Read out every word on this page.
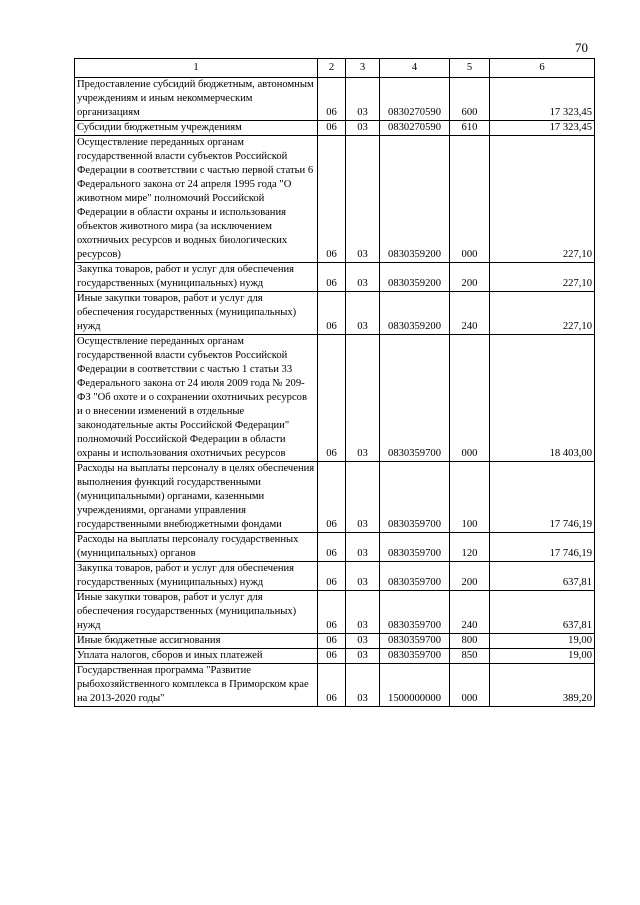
70
1	2	3	4	5	6
Предоставление субсидий бюджетным, автономным учреждениям и иным некоммерческим организациям	06	03	0830270590	600	17 323,45
Субсидии бюджетным учреждениям	06	03	0830270590	610	17 323,45
Осуществление переданных органам государственной власти субъектов Российской Федерации в соответствии с частью первой статьи 6 Федерального закона от 24 апреля 1995 года "О животном мире" полномочий Российской Федерации в области охраны и использования объектов животного мира (за исключением охотничьих ресурсов и водных биологических ресурсов)	06	03	0830359200	000	227,10
Закупка товаров, работ и услуг для обеспечения государственных (муниципальных) нужд	06	03	0830359200	200	227,10
Иные закупки товаров, работ и услуг для обеспечения государственных (муниципальных) нужд	06	03	0830359200	240	227,10
Осуществление переданных органам государственной власти субъектов Российской Федерации в соответствии с частью 1 статьи 33 Федерального закона от 24 июля 2009 года № 209-ФЗ "Об охоте и о сохранении охотничьих ресурсов и о внесении изменений в отдельные законодательные акты Российской Федерации" полномочий Российской Федерации в области охраны и использования охотничьих ресурсов	06	03	0830359700	000	18 403,00
Расходы на выплаты персоналу в целях обеспечения выполнения функций государственными (муниципальными) органами, казенными учреждениями, органами управления государственными внебюджетными фондами	06	03	0830359700	100	17 746,19
Расходы на выплаты персоналу государственных (муниципальных) органов	06	03	0830359700	120	17 746,19
Закупка товаров, работ и услуг для обеспечения государственных (муниципальных) нужд	06	03	0830359700	200	637,81
Иные закупки товаров, работ и услуг для обеспечения государственных (муниципальных) нужд	06	03	0830359700	240	637,81
Иные бюджетные ассигнования	06	03	0830359700	800	19,00
Уплата налогов, сборов и иных платежей	06	03	0830359700	850	19,00
Государственная программа "Развитие рыбохозяйственного комплекса в Приморском крае на 2013-2020 годы"	06	03	1500000000	000	389,20
